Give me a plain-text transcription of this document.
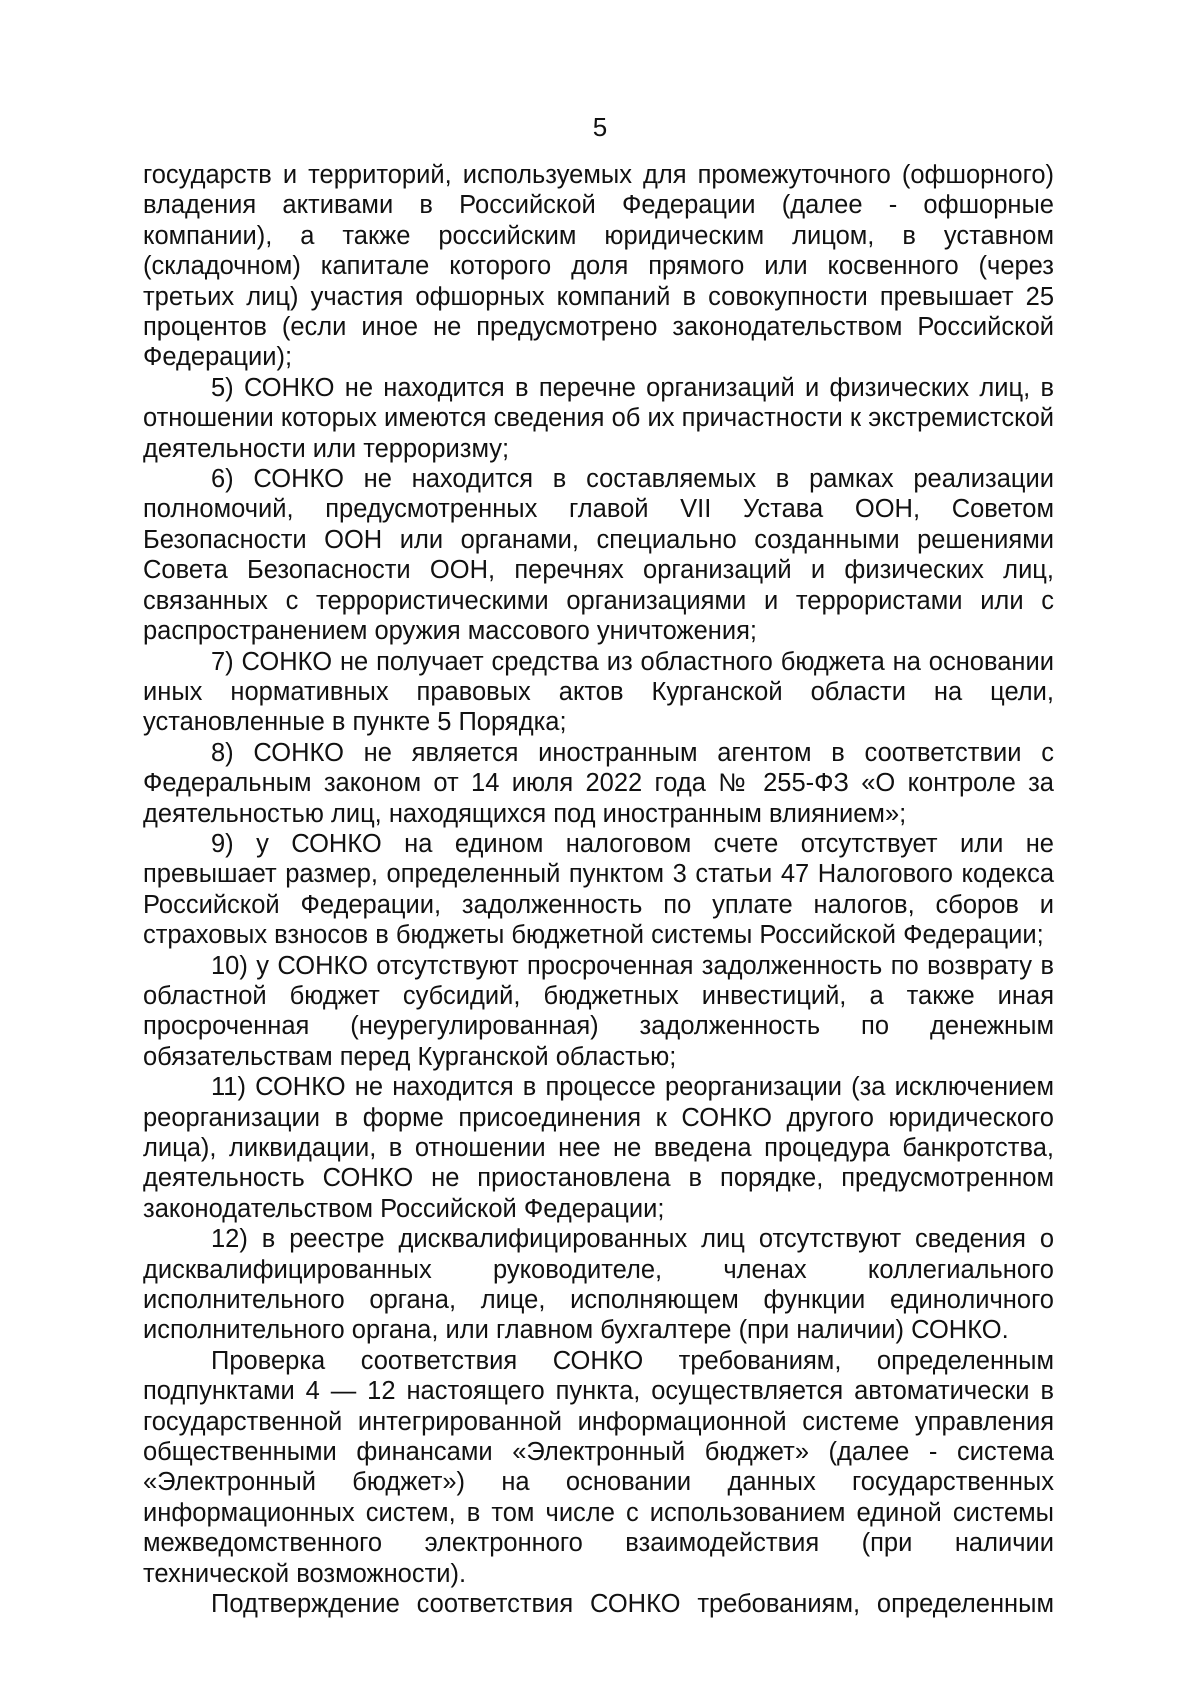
5

государств и территорий, используемых для промежуточного (офшорного) владения активами в Российской Федерации (далее - офшорные компании), а также российским юридическим лицом, в уставном (складочном) капитале которого доля прямого или косвенного (через третьих лиц) участия офшорных компаний в совокупности превышает 25 процентов (если иное не предусмотрено законодательством Российской Федерации);

5) СОНКО не находится в перечне организаций и физических лиц, в отношении которых имеются сведения об их причастности к экстремистской деятельности или терроризму;

6) СОНКО не находится в составляемых в рамках реализации полномочий, предусмотренных главой VII Устава ООН, Советом Безопасности ООН или органами, специально созданными решениями Совета Безопасности ООН, перечнях организаций и физических лиц, связанных с террористическими организациями и террористами или с распространением оружия массового уничтожения;

7) СОНКО не получает средства из областного бюджета на основании иных нормативных правовых актов Курганской области на цели, установленные в пункте 5 Порядка;

8) СОНКО не является иностранным агентом в соответствии с Федеральным законом от 14 июля 2022 года № 255-ФЗ «О контроле за деятельностью лиц, находящихся под иностранным влиянием»;

9) у СОНКО на едином налоговом счете отсутствует или не превышает размер, определенный пунктом 3 статьи 47 Налогового кодекса Российской Федерации, задолженность по уплате налогов, сборов и страховых взносов в бюджеты бюджетной системы Российской Федерации;

10) у СОНКО отсутствуют просроченная задолженность по возврату в областной бюджет субсидий, бюджетных инвестиций, а также иная просроченная (неурегулированная) задолженность по денежным обязательствам перед Курганской областью;

11) СОНКО не находится в процессе реорганизации (за исключением реорганизации в форме присоединения к СОНКО другого юридического лица), ликвидации, в отношении нее не введена процедура банкротства, деятельность СОНКО не приостановлена в порядке, предусмотренном законодательством Российской Федерации;

12) в реестре дисквалифицированных лиц отсутствуют сведения о дисквалифицированных руководителе, членах коллегиального исполнительного органа, лице, исполняющем функции единоличного исполнительного органа, или главном бухгалтере (при наличии) СОНКО.

Проверка соответствия СОНКО требованиям, определенным подпунктами 4 — 12 настоящего пункта, осуществляется автоматически в государственной интегрированной информационной системе управления общественными финансами «Электронный бюджет» (далее - система «Электронный бюджет») на основании данных государственных информационных систем, в том числе с использованием единой системы межведомственного электронного взаимодействия (при наличии технической возможности).

Подтверждение соответствия СОНКО требованиям, определенным
